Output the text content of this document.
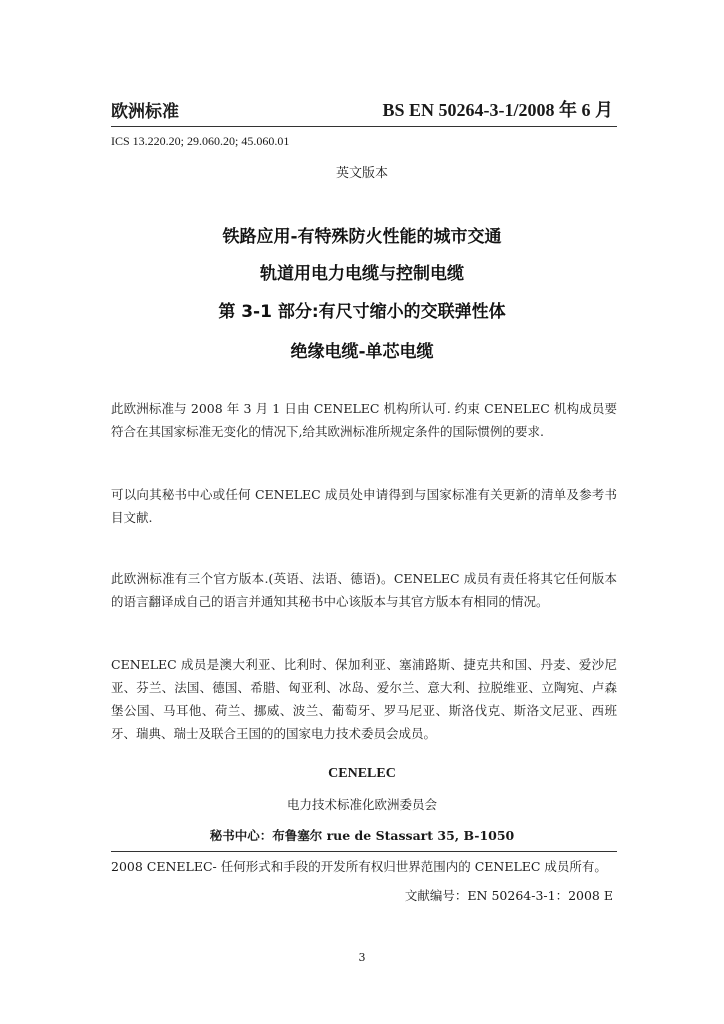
欧洲标准	BS EN 50264-3-1/2008 年 6 月
ICS 13.220.20; 29.060.20; 45.060.01
英文版本
铁路应用-有特殊防火性能的城市交通
轨道用电力电缆与控制电缆
第 3-1 部分:有尺寸缩小的交联弹性体
绝缘电缆-单芯电缆
此欧洲标准与 2008 年 3 月 1 日由 CENELEC 机构所认可. 约束 CENELEC 机构成员要符合在其国家标准无变化的情况下,给其欧洲标准所规定条件的国际惯例的要求.
可以向其秘书中心或任何 CENELEC 成员处申请得到与国家标准有关更新的清单及参考书目文献.
此欧洲标准有三个官方版本.(英语、法语、德语)。CENELEC 成员有责任将其它任何版本的语言翻译成自己的语言并通知其秘书中心该版本与其官方版本有相同的情况。
CENELEC 成员是澳大利亚、比利时、保加利亚、塞浦路斯、捷克共和国、丹麦、爱沙尼亚、芬兰、法国、德国、希腊、匈亚利、冰岛、爱尔兰、意大利、拉脱维亚、立陶宛、卢森堡公国、马耳他、荷兰、挪威、波兰、葡萄牙、罗马尼亚、斯洛伐克、斯洛文尼亚、西班牙、瑞典、瑞士及联合王国的的国家电力技术委员会成员。
CENELEC
电力技术标准化欧洲委员会
秘书中心：布鲁塞尔 rue de Stassart 35, B-1050
2008 CENELEC- 任何形式和手段的开发所有权归世界范围内的 CENELEC 成员所有。
文献编号：EN 50264-3-1：2008 E
3
